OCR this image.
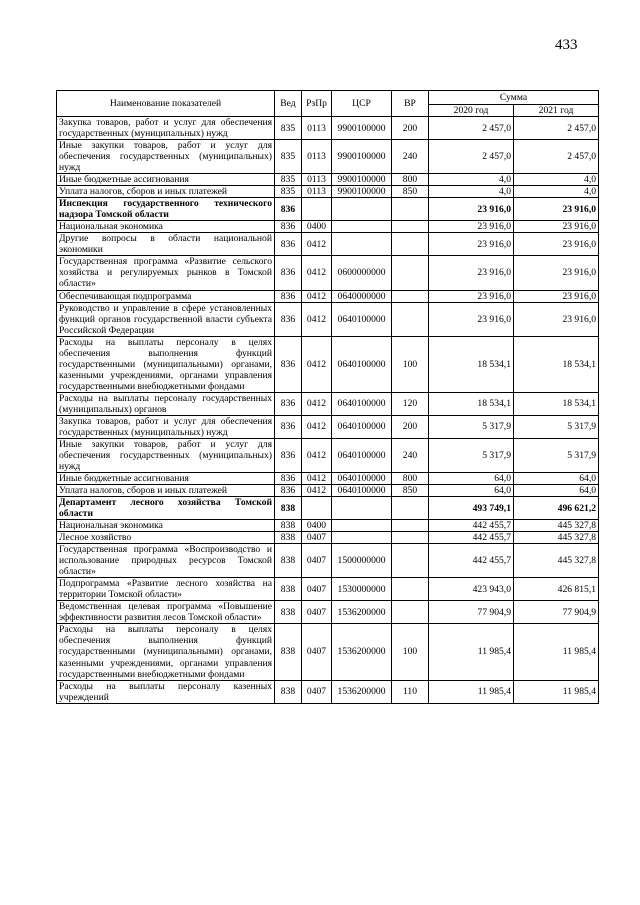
433
Наименование показателей	Вед	РзПр	ЦСР	ВР	Сумма	
					2020 год	2021 год
Закупка товаров, работ и услуг для обеспечения государственных (муниципальных) нужд	835	0113	9900100000	200	2 457,0	2 457,0
Иные закупки товаров, работ и услуг для обеспечения государственных (муниципальных) нужд	835	0113	9900100000	240	2 457,0	2 457,0
Иные бюджетные ассигнования	835	0113	9900100000	800	4,0	4,0
Уплата налогов, сборов и иных платежей	835	0113	9900100000	850	4,0	4,0
Инспекция государственного технического надзора Томской области	836				23 916,0	23 916,0
Национальная экономика	836	0400			23 916,0	23 916,0
Другие вопросы в области национальной экономики	836	0412			23 916,0	23 916,0
Государственная программа «Развитие сельского хозяйства и регулируемых рынков в Томской области»	836	0412	0600000000		23 916,0	23 916,0
Обеспечивающая подпрограмма	836	0412	0640000000		23 916,0	23 916,0
Руководство и управление в сфере установленных функций органов государственной власти субъекта Российской Федерации	836	0412	0640100000		23 916,0	23 916,0
Расходы на выплаты персоналу в целях обеспечения выполнения функций государственными (муниципальными) органами, казенными учреждениями, органами управления государственными внебюджетными фондами	836	0412	0640100000	100	18 534,1	18 534,1
Расходы на выплаты персоналу государственных (муниципальных) органов	836	0412	0640100000	120	18 534,1	18 534,1
Закупка товаров, работ и услуг для обеспечения государственных (муниципальных) нужд	836	0412	0640100000	200	5 317,9	5 317,9
Иные закупки товаров, работ и услуг для обеспечения государственных (муниципальных) нужд	836	0412	0640100000	240	5 317,9	5 317,9
Иные бюджетные ассигнования	836	0412	0640100000	800	64,0	64,0
Уплата налогов, сборов и иных платежей	836	0412	0640100000	850	64,0	64,0
Департамент лесного хозяйства Томской области	838				493 749,1	496 621,2
Национальная экономика	838	0400			442 455,7	445 327,8
Лесное хозяйство	838	0407			442 455,7	445 327,8
Государственная программа «Воспроизводство и использование природных ресурсов Томской области»	838	0407	1500000000		442 455,7	445 327,8
Подпрограмма «Развитие лесного хозяйства на территории Томской области»	838	0407	1530000000		423 943,0	426 815,1
Ведомственная целевая программа «Повышение эффективности развития лесов Томской области»	838	0407	1536200000		77 904,9	77 904,9
Расходы на выплаты персоналу в целях обеспечения выполнения функций государственными (муниципальными) органами, казенными учреждениями, органами управления государственными внебюджетными фондами	838	0407	1536200000	100	11 985,4	11 985,4
Расходы на выплаты персоналу казенных учреждений	838	0407	1536200000	110	11 985,4	11 985,4
